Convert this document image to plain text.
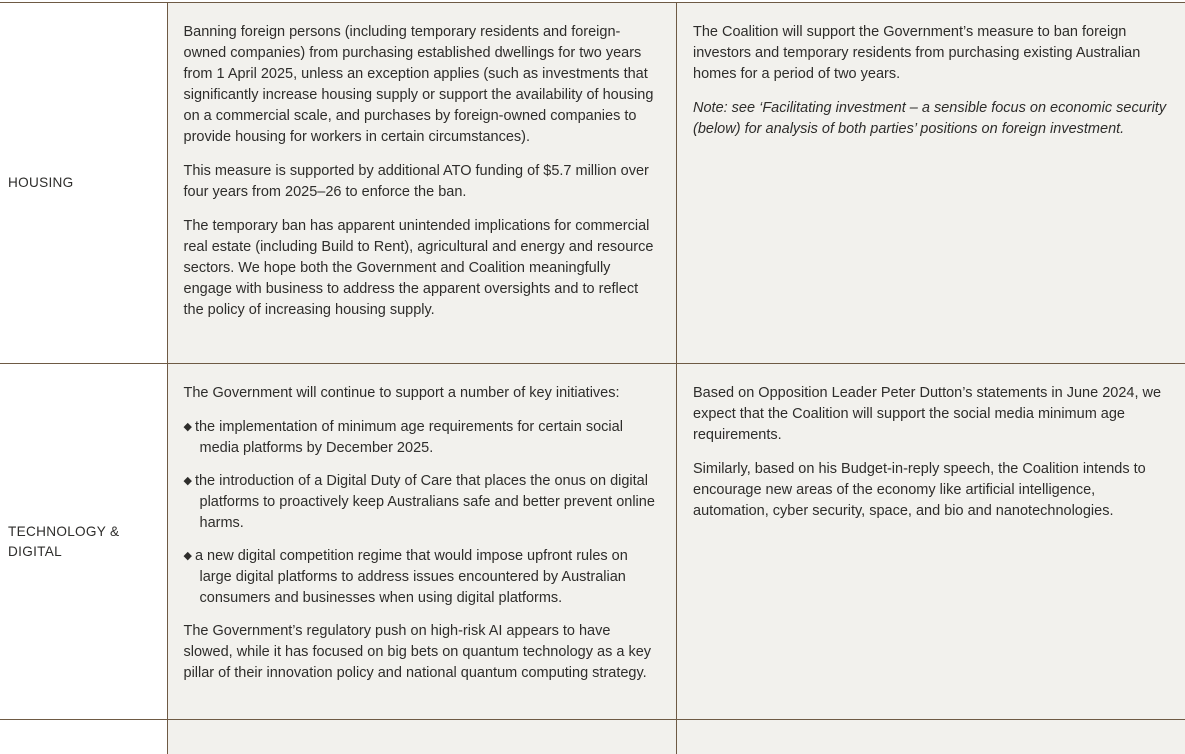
HOUSING

Banning foreign persons (including temporary residents and foreign-owned companies) from purchasing established dwellings for two years from 1 April 2025, unless an exception applies (such as investments that significantly increase housing supply or support the availability of housing on a commercial scale, and purchases by foreign-owned companies to provide housing for workers in certain circumstances).

This measure is supported by additional ATO funding of $5.7 million over four years from 2025–26 to enforce the ban.

The temporary ban has apparent unintended implications for commercial real estate (including Build to Rent), agricultural and energy and resource sectors. We hope both the Government and Coalition meaningfully engage with business to address the apparent oversights and to reflect the policy of increasing housing supply.

The Coalition will support the Government’s measure to ban foreign investors and temporary residents from purchasing existing Australian homes for a period of two years.

Note: see ‘Facilitating investment – a sensible focus on economic security (below) for analysis of both parties’ positions on foreign investment.

TECHNOLOGY & DIGITAL

The Government will continue to support a number of key initiatives:

◆ the implementation of minimum age requirements for certain social media platforms by December 2025.
◆ the introduction of a Digital Duty of Care that places the onus on digital platforms to proactively keep Australians safe and better prevent online harms.
◆ a new digital competition regime that would impose upfront rules on large digital platforms to address issues encountered by Australian consumers and businesses when using digital platforms.

The Government’s regulatory push on high-risk AI appears to have slowed, while it has focused on big bets on quantum technology as a key pillar of their innovation policy and national quantum computing strategy.

Based on Opposition Leader Peter Dutton’s statements in June 2024, we expect that the Coalition will support the social media minimum age requirements.

Similarly, based on his Budget-in-reply speech, the Coalition intends to encourage new areas of the economy like artificial intelligence, automation, cyber security, space, and bio and nanotechnologies.
